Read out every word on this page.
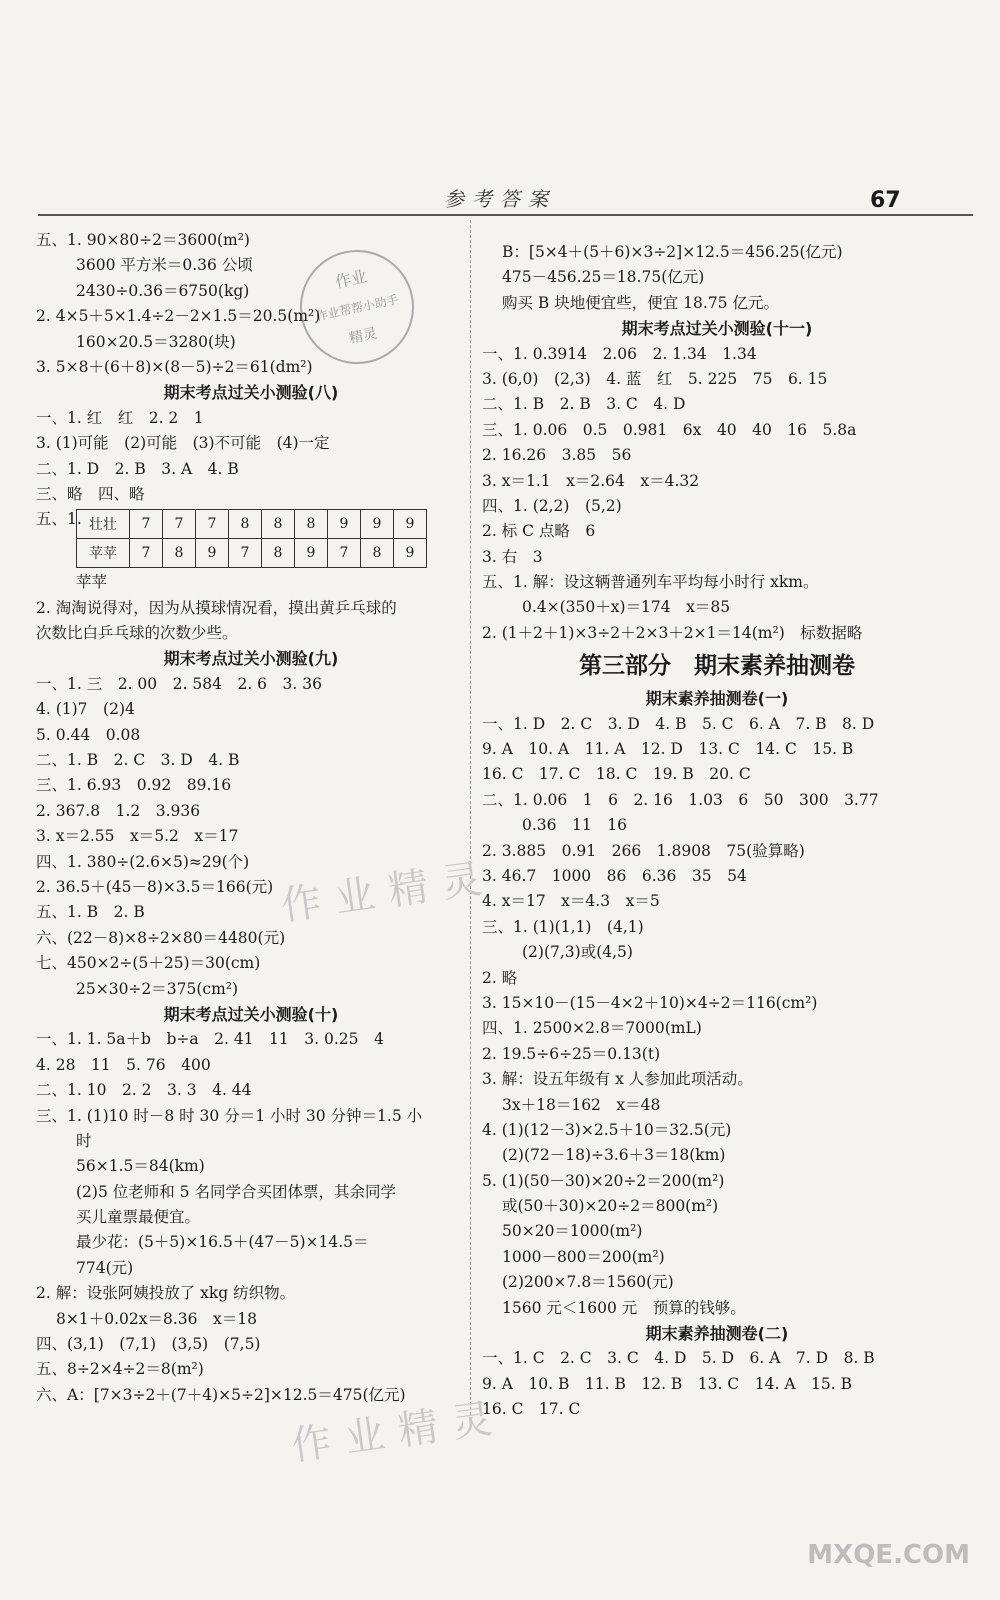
参考答案	67
作业
作业帮帮小助手
精灵
作业精灵
作业精灵
MXQE.COM
五、1. 90×80÷2＝3600(m²)
3600 平方米＝0.36 公顷
2430÷0.36＝6750(kg)
2. 4×5＋5×1.4÷2－2×1.5＝20.5(m²)
160×20.5＝3280(块)
3. 5×8＋(6＋8)×(8－5)÷2＝61(dm²)
期末考点过关小测验(八)
一、1. 红　红　2. 2　1
3. (1)可能　(2)可能　(3)不可能　(4)一定
二、1. D　2. B　3. A　4. B
三、略　四、略
五、1. 壮壮	7	7	7	8	8	8	9	9	9
苹苹	7	8	9	7	8	9	7	8	9
苹苹
2. 淘淘说得对，因为从摸球情况看，摸出黄乒乓球的
次数比白乒乓球的次数少些。
期末考点过关小测验(九)
一、1. 三　2. 00　2. 584　2. 6　3. 36
4. (1)7　(2)4
5. 0.44　0.08
二、1. B　2. C　3. D　4. B
三、1. 6.93　0.92　89.16
2. 367.8　1.2　3.936
3. x＝2.55　x＝5.2　x＝17
四、1. 380÷(2.6×5)≈29(个)
2. 36.5＋(45－8)×3.5＝166(元)
五、1. B　2. B
六、(22－8)×8÷2×80＝4480(元)
七、450×2÷(5＋25)＝30(cm)
25×30÷2＝375(cm²)
期末考点过关小测验(十)
一、1. 1. 5a＋b　b÷a　2. 41　11　3. 0.25　4
4. 28　11　5. 76　400
二、1. 10　2. 2　3. 3　4. 44
三、1. (1)10 时－8 时 30 分＝1 小时 30 分钟＝1.5 小
时
56×1.5＝84(km)
(2)5 位老师和 5 名同学合买团体票，其余同学
买儿童票最便宜。
最少花：(5＋5)×16.5＋(47－5)×14.5＝
774(元)
2. 解：设张阿姨投放了 xkg 纺织物。
8×1＋0.02x＝8.36　x＝18
四、(3,1)　(7,1)　(3,5)　(7,5)
五、8÷2×4÷2＝8(m²)
六、A：[7×3÷2＋(7＋4)×5÷2]×12.5＝475(亿元)
B：[5×4＋(5＋6)×3÷2]×12.5＝456.25(亿元)
475－456.25＝18.75(亿元)
购买 B 块地便宜些，便宜 18.75 亿元。
期末考点过关小测验(十一)
一、1. 0.3914　2.06　2. 1.34　1.34
3. (6,0)　(2,3)　4. 蓝　红　5. 225　75　6. 15
二、1. B　2. B　3. C　4. D
三、1. 0.06　0.5　0.981　6x　40　40　16　5.8a
2. 16.26　3.85　56
3. x＝1.1　x＝2.64　x＝4.32
四、1. (2,2)　(5,2)
2. 标 C 点略　6
3. 右　3
五、1. 解：设这辆普通列车平均每小时行 xkm。
0.4×(350＋x)＝174　x＝85
2. (1＋2＋1)×3÷2＋2×3＋2×1＝14(m²)　标数据略
第三部分　期末素养抽测卷
期末素养抽测卷(一)
一、1. D　2. C　3. D　4. B　5. C　6. A　7. B　8. D
9. A　10. A　11. A　12. D　13. C　14. C　15. B
16. C　17. C　18. C　19. B　20. C
二、1. 0.06　1　6　2. 16　1.03　6　50　300　3.77
0.36　11　16
2. 3.885　0.91　266　1.8908　75(验算略)
3. 46.7　1000　86　6.36　35　54
4. x＝17　x＝4.3　x＝5
三、1. (1)(1,1)　(4,1)
(2)(7,3)或(4,5)
2. 略
3. 15×10－(15－4×2＋10)×4÷2＝116(cm²)
四、1. 2500×2.8＝7000(mL)
2. 19.5÷6÷25＝0.13(t)
3. 解：设五年级有 x 人参加此项活动。
3x＋18＝162　x＝48
4. (1)(12－3)×2.5＋10＝32.5(元)
(2)(72－18)÷3.6＋3＝18(km)
5. (1)(50－30)×20÷2＝200(m²)
或(50＋30)×20÷2＝800(m²)
50×20＝1000(m²)
1000－800＝200(m²)
(2)200×7.8＝1560(元)
1560 元＜1600 元　预算的钱够。
期末素养抽测卷(二)
一、1. C　2. C　3. C　4. D　5. D　6. A　7. D　8. B
9. A　10. B　11. B　12. B　13. C　14. A　15. B
16. C　17. C
